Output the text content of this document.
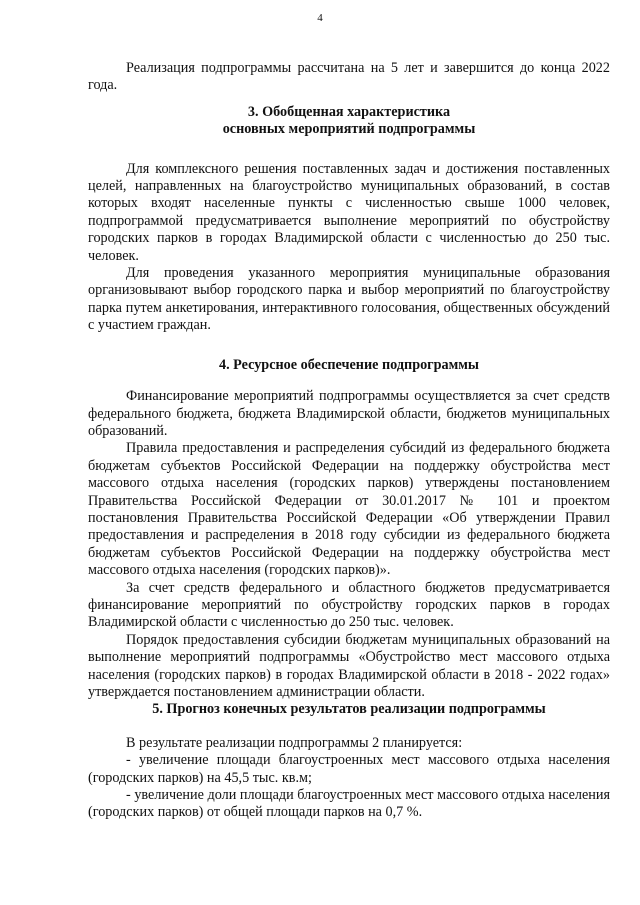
4

Реализация подпрограммы рассчитана на 5 лет и завершится до конца 2022 года.

3. Обобщенная характеристика
основных мероприятий подпрограммы

Для комплексного решения поставленных задач и достижения поставленных целей, направленных на благоустройство муниципальных образований, в состав которых входят населенные пункты с численностью свыше 1000 человек, подпрограммой предусматривается выполнение мероприятий по обустройству городских парков в городах Владимирской области с численностью до 250 тыс. человек.

Для проведения указанного мероприятия муниципальные образования организовывают выбор городского парка и выбор мероприятий по благоустройству парка путем анкетирования, интерактивного голосования, общественных обсуждений с участием граждан.

4. Ресурсное обеспечение подпрограммы

Финансирование мероприятий подпрограммы осуществляется за счет средств федерального бюджета, бюджета Владимирской области, бюджетов муниципальных образований.

Правила предоставления и распределения субсидий из федерального бюджета бюджетам субъектов Российской Федерации на поддержку обустройства мест массового отдыха населения (городских парков) утверждены постановлением Правительства Российской Федерации от 30.01.2017 № 101 и проектом постановления Правительства Российской Федерации «Об утверждении Правил предоставления и распределения в 2018 году субсидии из федерального бюджета бюджетам субъектов Российской Федерации на поддержку обустройства мест массового отдыха населения (городских парков)».

За счет средств федерального и областного бюджетов предусматривается финансирование мероприятий по обустройству городских парков в городах Владимирской области с численностью до 250 тыс. человек.

Порядок предоставления субсидии бюджетам муниципальных образований на выполнение мероприятий подпрограммы «Обустройство мест массового отдыха населения (городских парков) в городах Владимирской области в 2018 - 2022 годах» утверждается постановлением администрации области.

5. Прогноз конечных результатов реализации подпрограммы

В результате реализации подпрограммы 2 планируется:

- увеличение площади благоустроенных мест массового отдыха населения (городских парков) на 45,5 тыс. кв.м;

- увеличение доли площади благоустроенных мест массового отдыха населения (городских парков) от общей площади парков на 0,7 %.
